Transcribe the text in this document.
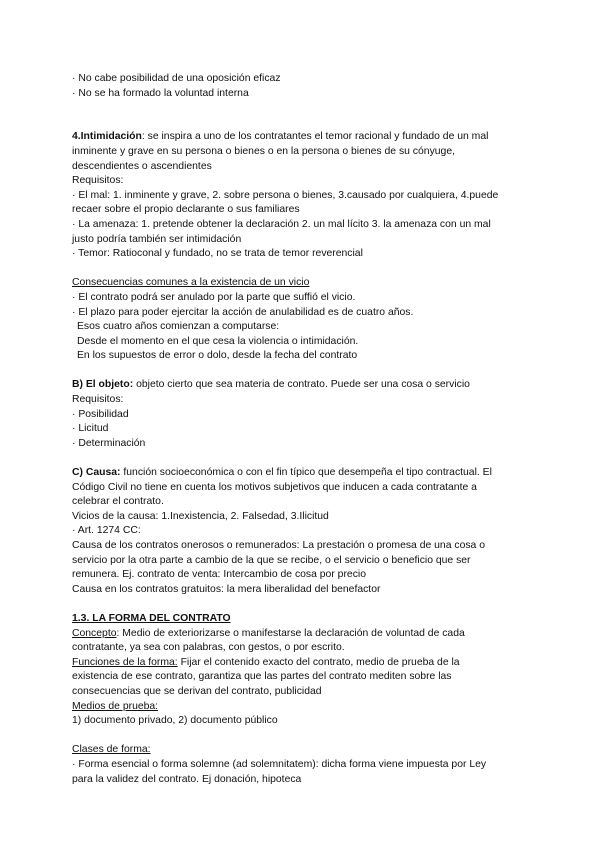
· No cabe posibilidad de una oposición eficaz

· No se ha formado la voluntad interna

4.Intimidación: se inspira a uno de los contratantes el temor racional y fundado de un mal

inminente y grave en su persona o bienes o en la persona o bienes de su cónyuge,

descendientes o ascendientes

Requisitos:

· El mal: 1. inminente y grave, 2. sobre persona o bienes, 3.causado por cualquiera, 4.puede

recaer sobre el propio declarante o sus familiares

· La amenaza: 1. pretende obtener la declaración 2. un mal lícito 3. la amenaza con un mal

justo podría también ser intimidación

· Temor: Ratioconal y fundado, no se trata de temor reverencial

Consecuencias comunes a la existencia de un vicio

· El contrato podrá ser anulado por la parte que suffió el vicio.

· El plazo para poder ejercitar la acción de anulabilidad es de cuatro años.

Esos cuatro años comienzan a computarse:

Desde el momento en el que cesa la violencia o intimidación.

En los supuestos de error o dolo, desde la fecha del contrato

B) El objeto: objeto cierto que sea materia de contrato. Puede ser una cosa o servicio

Requisitos:

· Posibilidad

· Licitud

· Determinación

C) Causa: función socioeconómica o con el fin típico que desempeña el tipo contractual. El

Código Civil no tiene en cuenta los motivos subjetivos que inducen a cada contratante a

celebrar el contrato.

Vicios de la causa: 1.Inexistencia, 2. Falsedad, 3.Ilicitud

· Art. 1274 CC:

Causa de los contratos onerosos o remunerados: La prestación o promesa de una cosa o

servicio por la otra parte a cambio de la que se recibe, o el servicio o beneficio que ser

remunera. Ej. contrato de venta: Intercambio de cosa por precio

Causa en los contratos gratuitos: la mera liberalidad del benefactor

1.3. LA FORMA DEL CONTRATO

Concepto: Medio de exteriorizarse o manifestarse la declaración de voluntad de cada

contratante, ya sea con palabras, con gestos, o por escrito.

Funciones de la forma: Fijar el contenido exacto del contrato, medio de prueba de la

existencia de ese contrato, garantiza que las partes del contrato mediten sobre las

consecuencias que se derivan del contrato, publicidad

Medios de prueba:

1) documento privado, 2) documento público

Clases de forma:

· Forma esencial o forma solemne (ad solemnitatem): dicha forma viene impuesta por Ley

para la validez del contrato. Ej donación, hipoteca
